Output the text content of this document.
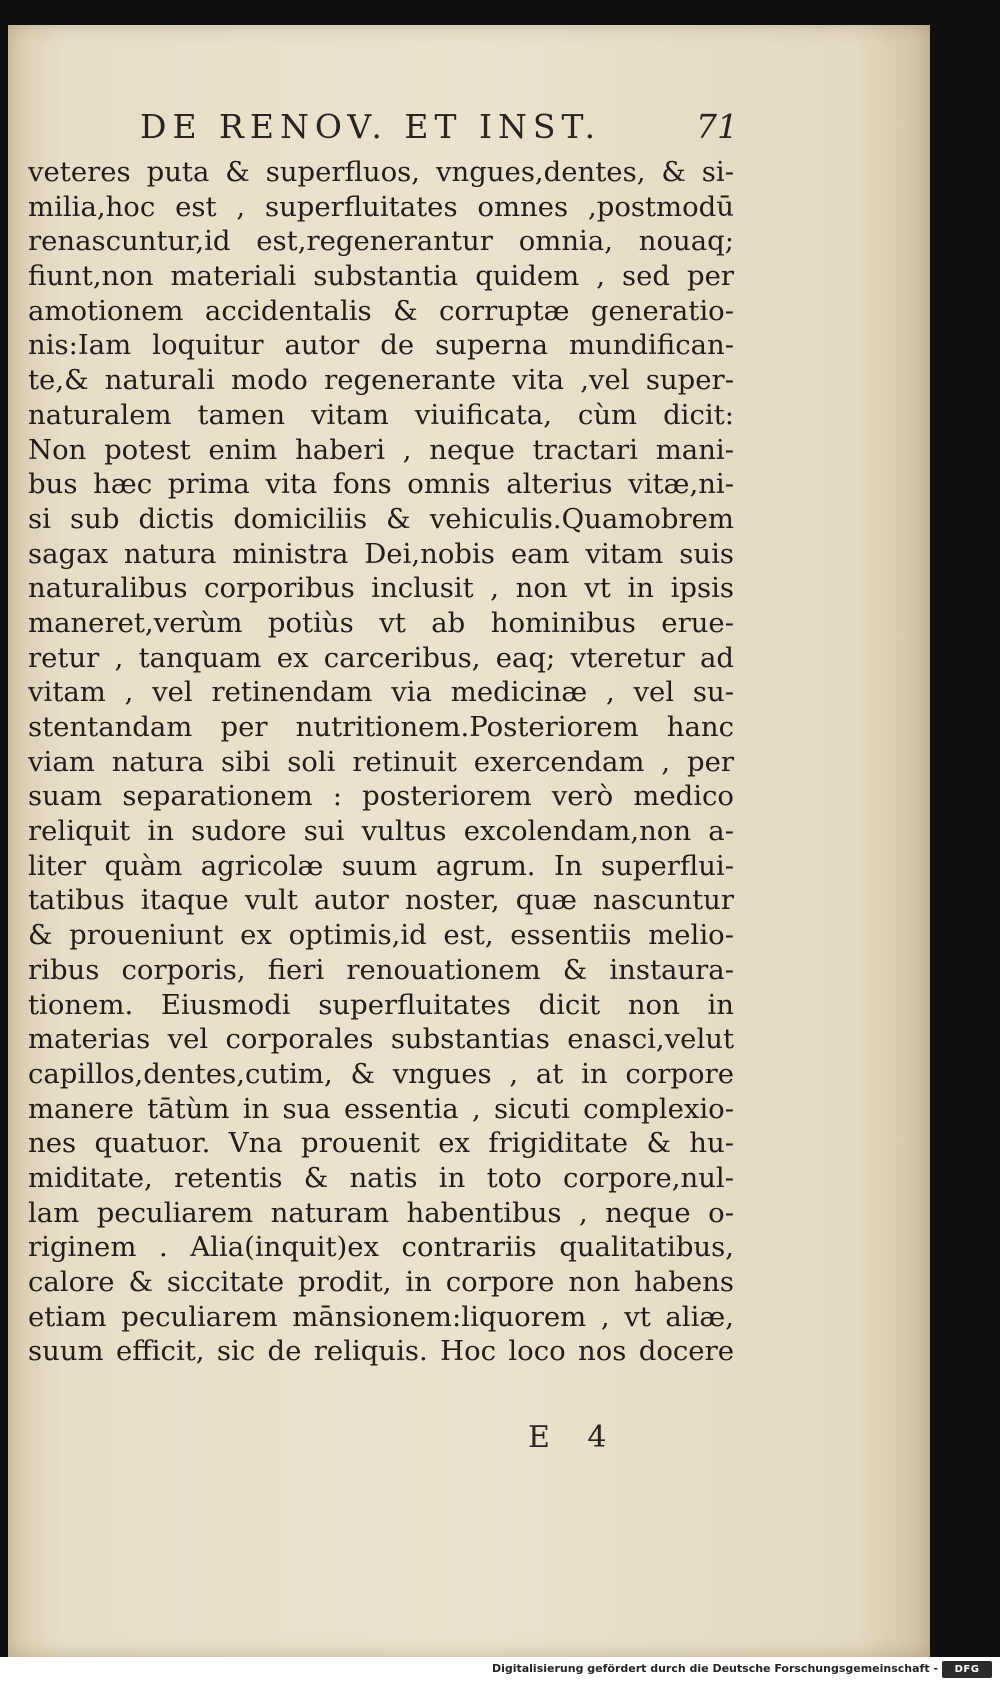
DE RENOV. ET INST.	71
veteres puta & superfluos, vngues,dentes, & si-
milia,hoc est , superfluitates omnes ,postmodū
renascuntur,id est,regenerantur omnia, nouaq;
fiunt,non materiali substantia quidem , sed per
amotionem accidentalis & corruptæ generatio-
nis:Iam loquitur autor de superna mundifican-
te,& naturali modo regenerante vita ,vel super-
naturalem tamen vitam viuificata, cùm dicit:
Non potest enim haberi , neque tractari mani-
bus hæc prima vita fons omnis alterius vitæ,ni-
si sub dictis domiciliis & vehiculis.Quamobrem
sagax natura ministra Dei,nobis eam vitam suis
naturalibus corporibus inclusit , non vt in ipsis
maneret,verùm potiùs vt ab hominibus erue-
retur , tanquam ex carceribus, eaq; vteretur ad
vitam , vel retinendam via medicinæ , vel su-
stentandam per nutritionem.Posteriorem hanc
viam natura sibi soli retinuit exercendam , per
suam separationem : posteriorem verò medico
reliquit in sudore sui vultus excolendam,non a-
liter quàm agricolæ suum agrum. In superflui-
tatibus itaque vult autor noster, quæ nascuntur
& proueniunt ex optimis,id est, essentiis melio-
ribus corporis, fieri renouationem & instaura-
tionem. Eiusmodi superfluitates dicit non in
materias vel corporales substantias enasci,velut
capillos,dentes,cutim, & vngues , at in corpore
manere tātùm in sua essentia , sicuti complexio-
nes quatuor. Vna prouenit ex frigiditate & hu-
miditate, retentis & natis in toto corpore,nul-
lam peculiarem naturam habentibus , neque o-
riginem . Alia(inquit)ex contrariis qualitatibus,
calore & siccitate prodit, in corpore non habens
etiam peculiarem mānsionem:liquorem , vt aliæ,
suum efficit, sic de reliquis. Hoc loco nos docere
E 4
Digitalisierung gefördert durch die Deutsche Forschungsgemeinschaft - DFG
